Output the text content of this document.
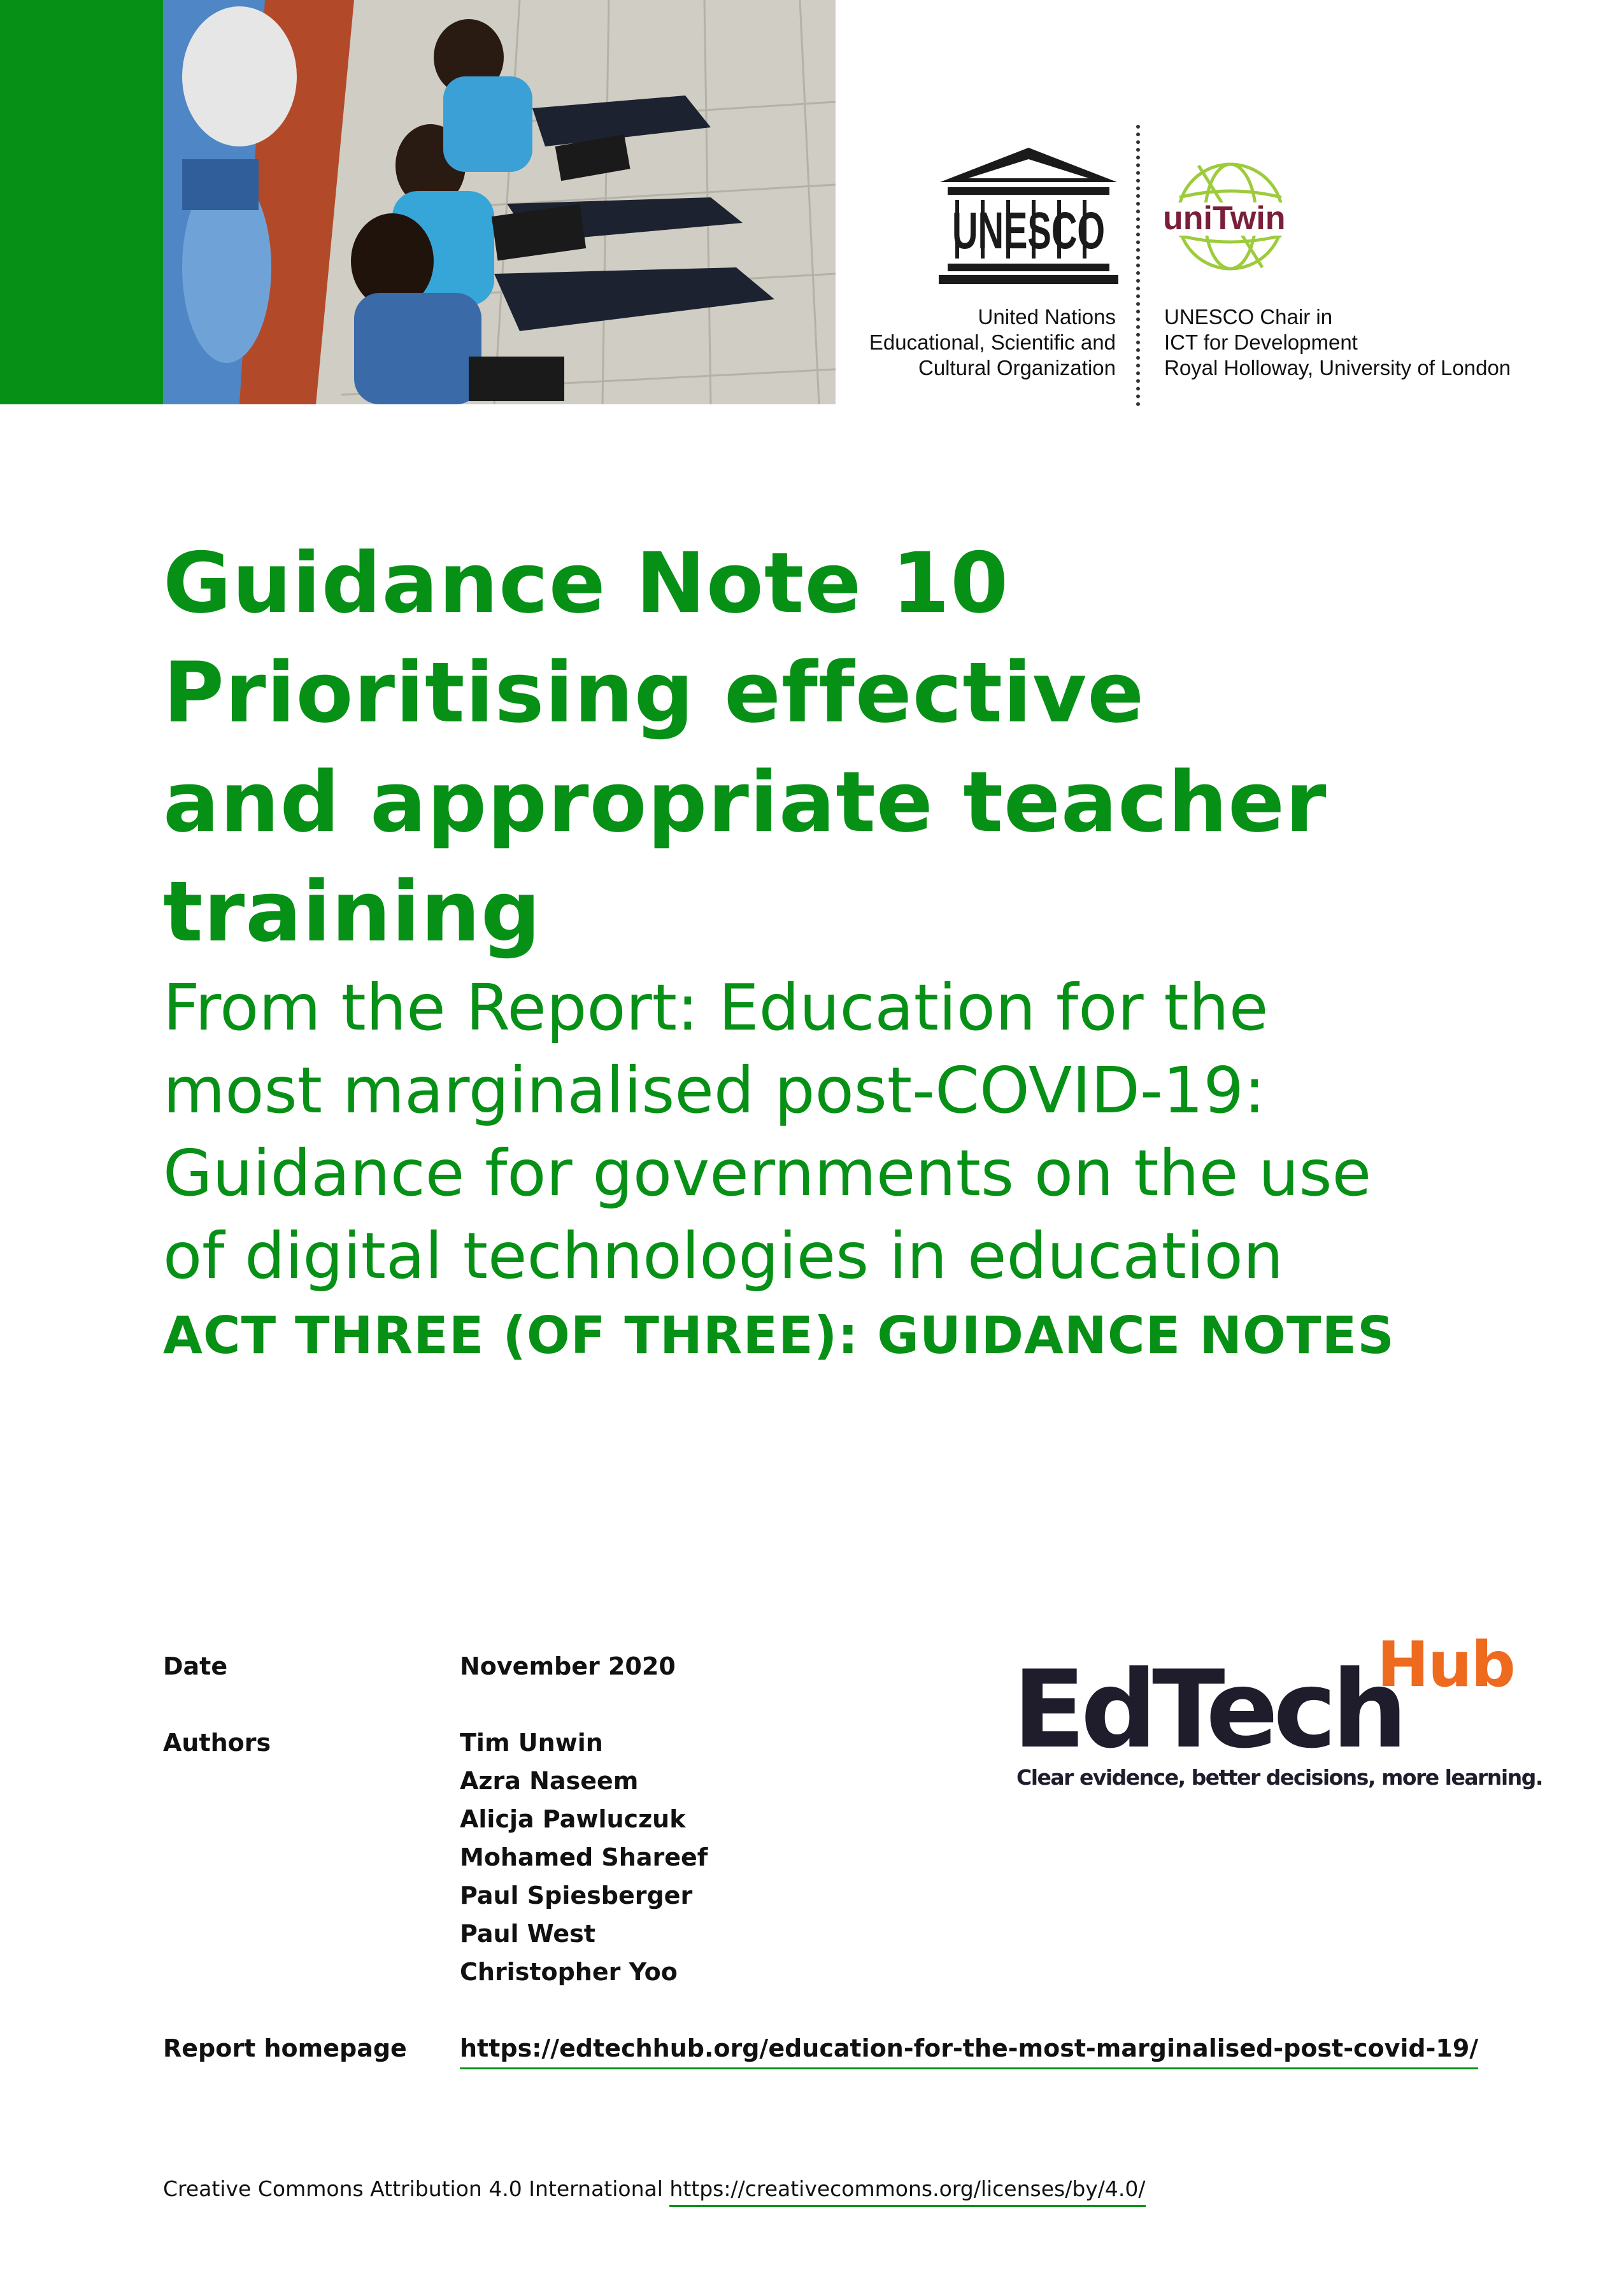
UNESCO
United Nations
Educational, Scientific and
Cultural Organization
uniTwin
UNESCO Chair in
ICT for Development
Royal Holloway, University of London
Guidance Note 10
Prioritising effective
and appropriate teacher
training
From the Report: Education for the
most marginalised post-COVID-19:
Guidance for governments on the use
of digital technologies in education
ACT THREE (OF THREE): GUIDANCE NOTES
Date	November 2020
Authors	Tim Unwin
Azra Naseem
Alicja Pawluczuk
Mohamed Shareef
Paul Spiesberger
Paul West
Christopher Yoo
Report homepage https://edtechhub.org/education-for-the-most-marginalised-post-covid-19/
EdTech
Hub
Clear evidence, better decisions, more learning.
Creative Commons Attribution 4.0 International https://creativecommons.org/licenses/by/4.0/
